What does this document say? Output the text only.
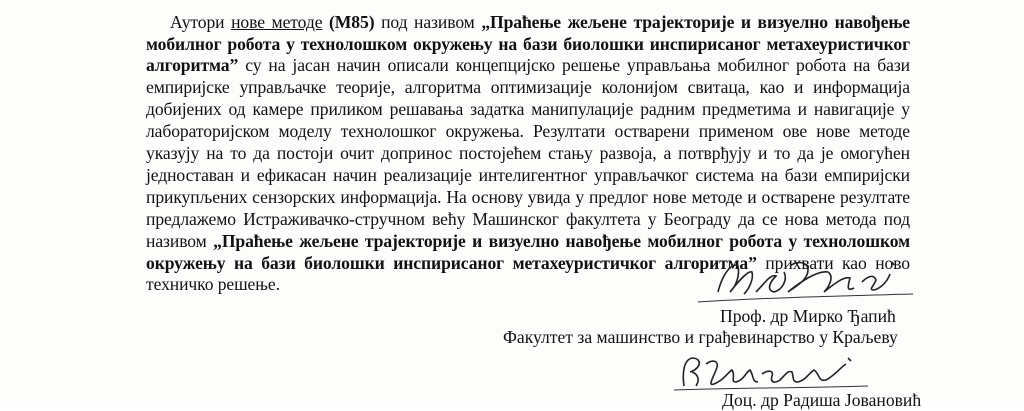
Аутори нове методе (M85) под називом „Праћење жељене трајекторије и визуелно навођење мобилног робота у технолошком окружењу на бази биолошки инспирисаног метахеуристичког алгоритма” су на јасан начин описали концепцијско решење управљања мобилног робота на бази емпиријске управљачке теорије, алгоритма оптимизације колонијом свитаца, као и информација добијених од камере приликом решавања задатка манипулације радним предметима и навигације у лабораторијском моделу технолошког окружења. Резултати остварени применом ове нове методе указују на то да постоји очит допринос постојећем стању развоја, а потврђују и то да је омогућен једноставан и ефикасан начин реализације интелигентног управљачког система на бази емпиријски прикупљених сензорских информација. На основу увида у предлог нове методе и остварене резултате предлажемо Истраживачко-стручном већу Машинског факултета у Београду да се нова метода под називом „Праћење жељене трајекторије и визуелно навођење мобилног робота у технолошком окружењу на бази биолошки инспирисаног метахеуристичког алгоритма” прихвати као ново техничко решење.

Проф. др Мирко Ђапић
Факултет за машинство и грађевинарство у Краљеву
Доц. др Радиша Јовановић
